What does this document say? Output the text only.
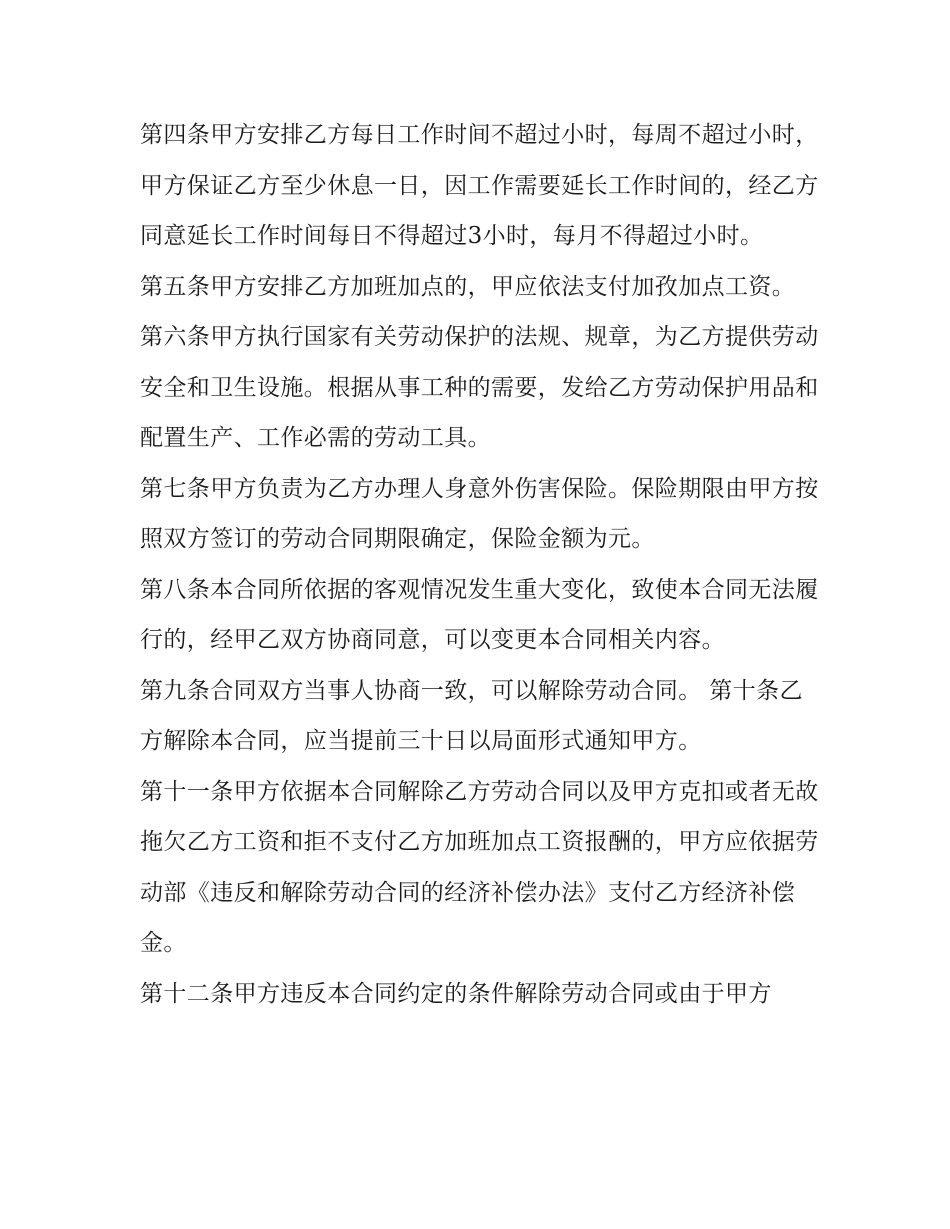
第四条甲方安排乙方每日工作时间不超过小时，每周不超过小时，甲方保证乙方至少休息一日，因工作需要延长工作时间的，经乙方同意延长工作时间每日不得超过3小时，每月不得超过小时。

第五条甲方安排乙方加班加点的，甲应依法支付加孜加点工资。

第六条甲方执行国家有关劳动保护的法规、规章，为乙方提供劳动安全和卫生设施。根据从事工种的需要，发给乙方劳动保护用品和配置生产、工作必需的劳动工具。

第七条甲方负责为乙方办理人身意外伤害保险。保险期限由甲方按照双方签订的劳动合同期限确定，保险金额为元。

第八条本合同所依据的客观情况发生重大变化，致使本合同无法履行的，经甲乙双方协商同意，可以变更本合同相关内容。

第九条合同双方当事人协商一致，可以解除劳动合同。 第十条乙方解除本合同，应当提前三十日以局面形式通知甲方。

第十一条甲方依据本合同解除乙方劳动合同以及甲方克扣或者无故拖欠乙方工资和拒不支付乙方加班加点工资报酬的，甲方应依据劳动部《违反和解除劳动合同的经济补偿办法》支付乙方经济补偿金。

第十二条甲方违反本合同约定的条件解除劳动合同或由于甲方
